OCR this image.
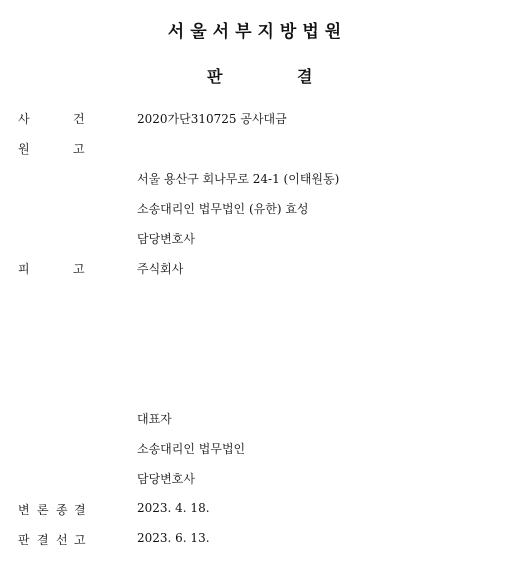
서울서부지방법원
판	결
사	건	2020가단310725 공사대금
원	고
서울 용산구 회나무로 24-1 (이태원동)
소송대리인 법무법인 (유한) 효성
담당변호사
피	고	주식회사
대표자
소송대리인 법무법인
담당변호사
변 론 종 결	2023. 4. 18.
판 결 선 고	2023. 6. 13.
